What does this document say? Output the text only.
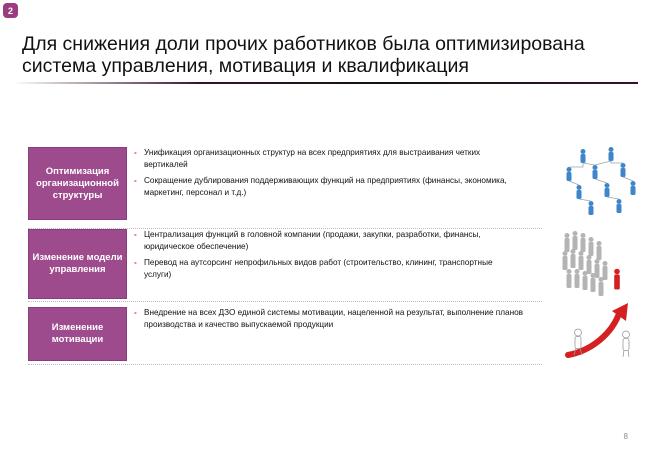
2
Для снижения доли прочих работников была оптимизирована
система управления, мотивация и квалификация
Оптимизация организационной структуры
- Унификация организационных структур на всех предприятиях для выстраивания четких вертикалей
- Сокращение дублирования поддерживающих функций на предприятиях (финансы, экономика, маркетинг, персонал и т.д.)
Изменение модели управления
- Централизация функций в головной компании (продажи, закупки, разработки, финансы, юридическое обеспечение)
- Перевод на аутсорсинг непрофильных видов работ (строительство, клининг, транспортные услуги)
Изменение мотивации
- Внедрение на всех ДЗО единой системы мотивации, нацеленной на результат, выполнение планов производства и качество выпускаемой продукции
8
